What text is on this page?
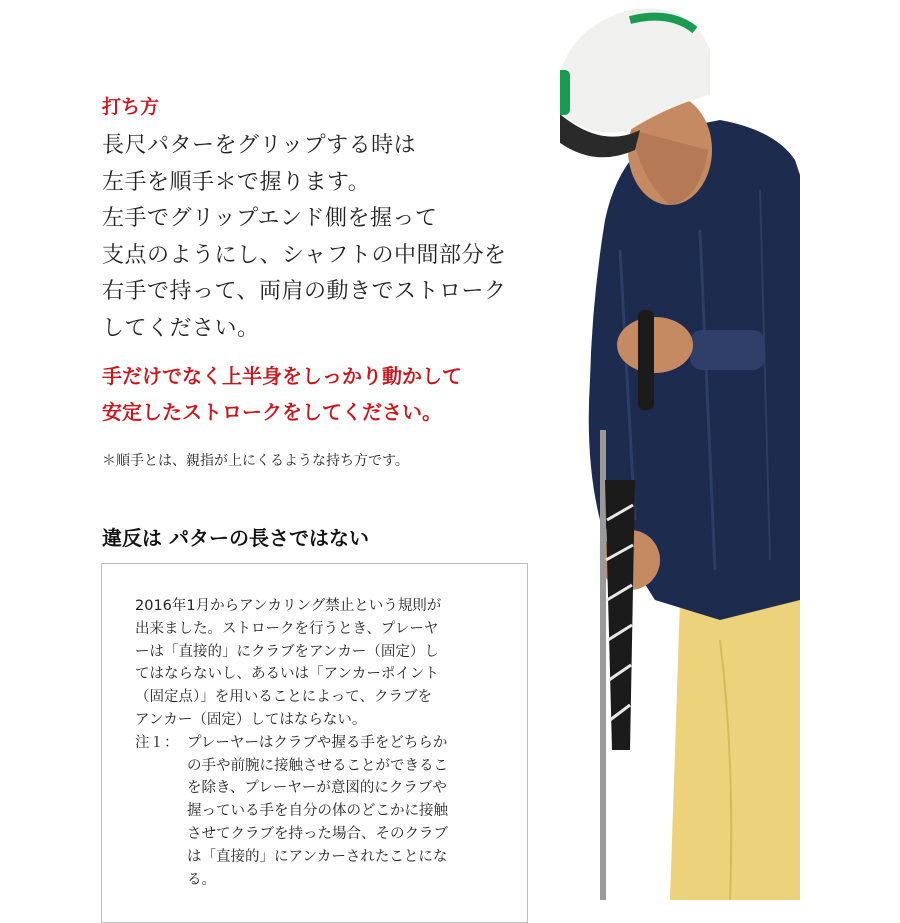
打ち方
長尺パターをグリップする時は
左手を順手＊で握ります。
左手でグリップエンド側を握って
支点のようにし、シャフトの中間部分を
右手で持って、両肩の動きでストローク
してください。
手だけでなく上半身をしっかり動かして
安定したストロークをしてください。
＊順手とは、親指が上にくるような持ち方です。
違反は パターの長さではない
2016年1月からアンカリング禁止という規則が
出来ました。ストロークを行うとき、プレーヤ
ーは「直接的」にクラブをアンカー（固定）し
てはならないし、あるいは「アンカーポイント
（固定点）」を用いることによって、クラブを
アンカー（固定）してはならない。
注１： プレーヤーはクラブや握る手をどちらか
の手や前腕に接触させることができるこ
を除き、プレーヤーが意図的にクラブや
握っている手を自分の体のどこかに接触
させてクラブを持った場合、そのクラブ
は「直接的」にアンカーされたことにな
る。
